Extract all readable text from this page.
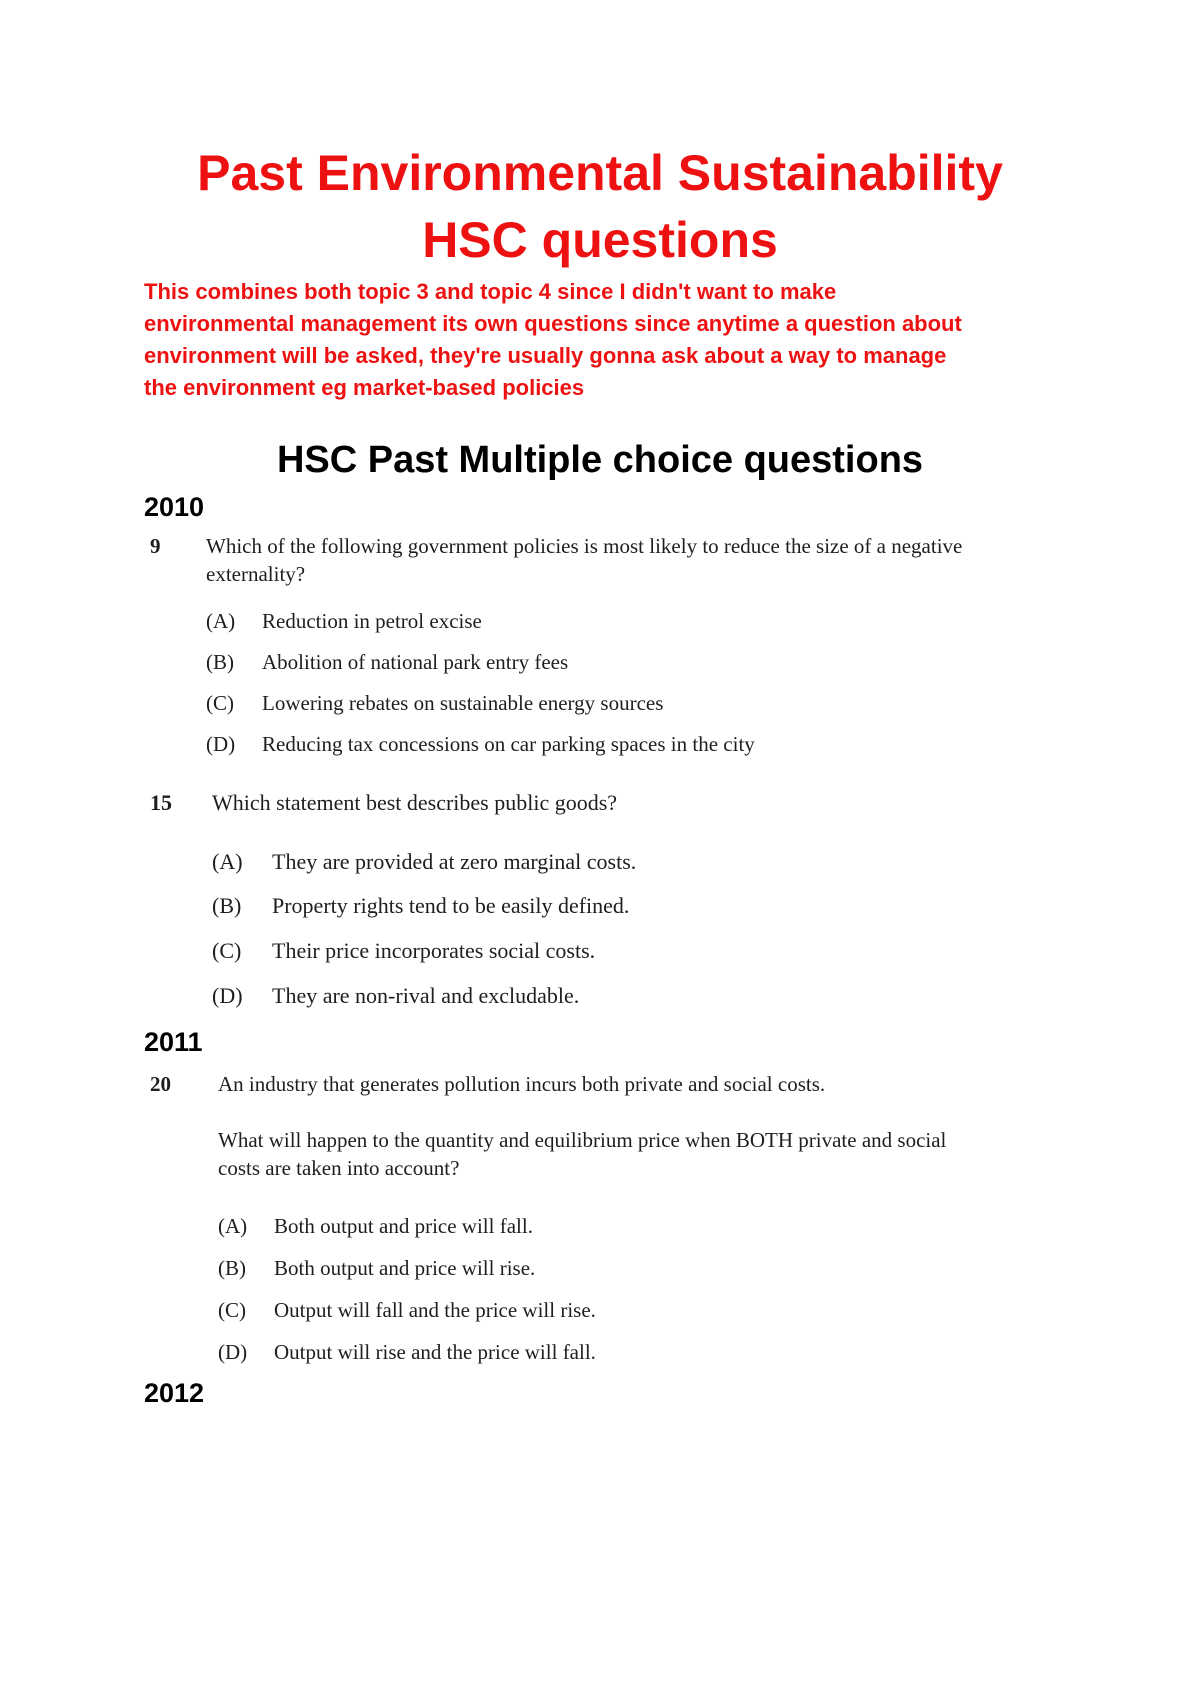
Past Environmental Sustainability
HSC questions
This combines both topic 3 and topic 4 since I didn't want to make
environmental management its own questions since anytime a question about
environment will be asked, they're usually gonna ask about a way to manage
the environment eg market-based policies
HSC Past Multiple choice questions
2010
9 Which of the following government policies is most likely to reduce the size of a negative
externality?
(A) Reduction in petrol excise
(B) Abolition of national park entry fees
(C) Lowering rebates on sustainable energy sources
(D) Reducing tax concessions on car parking spaces in the city
15 Which statement best describes public goods?
(A) They are provided at zero marginal costs.
(B) Property rights tend to be easily defined.
(C) Their price incorporates social costs.
(D) They are non-rival and excludable.
2011
20 An industry that generates pollution incurs both private and social costs.
What will happen to the quantity and equilibrium price when BOTH private and social
costs are taken into account?
(A) Both output and price will fall.
(B) Both output and price will rise.
(C) Output will fall and the price will rise.
(D) Output will rise and the price will fall.
2012
